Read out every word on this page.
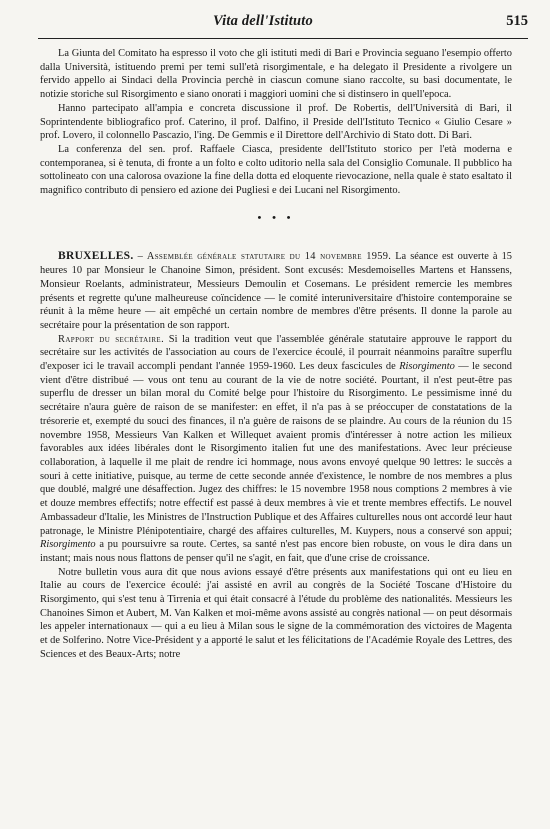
Vita dell'Istituto	515

La Giunta del Comitato ha espresso il voto che gli istituti medi di Bari e Provincia seguano l'esempio offerto dalla Università, istituendo premi per temi sull'età risorgimentale, e ha delegato il Presidente a rivolgere un fervido appello ai Sindaci della Provincia perchè in ciascun comune siano raccolte, su basi documentate, le notizie storiche sul Risorgimento e siano onorati i maggiori uomini che si distinsero in quell'epoca.

Hanno partecipato all'ampia e concreta discussione il prof. De Robertis, dell'Università di Bari, il Soprintendente bibliografico prof. Caterino, il prof. Dalfino, il Preside dell'Istituto Tecnico « Giulio Cesare » prof. Lovero, il colonnello Pascazio, l'ing. De Gemmis e il Direttore dell'Archivio di Stato dott. Di Bari.

La conferenza del sen. prof. Raffaele Ciasca, presidente dell'Istituto storico per l'età moderna e contemporanea, si è tenuta, di fronte a un folto e colto uditorio nella sala del Consiglio Comunale. Il pubblico ha sottolineato con una calorosa ovazione la fine della dotta ed eloquente rievocazione, nella quale è stato esaltato il magnifico contributo di pensiero ed azione dei Pugliesi e dei Lucani nel Risorgimento.

• • •

BRUXELLES. – Assemblée générale statutaire du 14 novembre 1959. La séance est ouverte à 15 heures 10 par Monsieur le Chanoine Simon, président. Sont excusés: Mesdemoiselles Martens et Hanssens, Monsieur Roelants, administrateur, Messieurs Demoulin et Cosemans. Le président remercie les membres présents et regrette qu'une malheureuse coïncidence — le comité interuniversitaire d'histoire contemporaine se réunit à la même heure — ait empêché un certain nombre de membres d'être présents. Il donne la parole au secrétaire pour la présentation de son rapport.

Rapport du secrétaire. Si la tradition veut que l'assemblée générale statutaire approuve le rapport du secrétaire sur les activités de l'association au cours de l'exercice écoulé, il pourrait néanmoins paraître superflu d'exposer ici le travail accompli pendant l'année 1959-1960. Les deux fascicules de Risorgimento — le second vient d'être distribué — vous ont tenu au courant de la vie de notre société. Pourtant, il n'est peut-être pas superflu de dresser un bilan moral du Comité belge pour l'histoire du Risorgimento. Le pessimisme inné du secrétaire n'aura guère de raison de se manifester: en effet, il n'a pas à se préoccuper de constatations de la trésorerie et, exempté du souci des finances, il n'a guère de raisons de se plaindre. Au cours de la réunion du 15 novembre 1958, Messieurs Van Kalken et Willequet avaient promis d'intéresser à notre action les milieux favorables aux idées libérales dont le Risorgimento italien fut une des manifestations. Avec leur précieuse collaboration, à laquelle il me plait de rendre ici hommage, nous avons envoyé quelque 90 lettres: le succès a souri à cette initiative, puisque, au terme de cette seconde année d'existence, le nombre de nos membres a plus que doublé, malgré une désaffection. Jugez des chiffres: le 15 novembre 1958 nous comptions 2 membres à vie et douze membres effectifs; notre effectif est passé à deux membres à vie et trente membres effectifs. Le nouvel Ambassadeur d'Italie, les Ministres de l'Instruction Publique et des Affaires culturelles nous ont accordé leur haut patronage, le Ministre Plénipotentiaire, chargé des affaires culturelles, M. Kuypers, nous a conservé son appui; Risorgimento a pu poursuivre sa route. Certes, sa santé n'est pas encore bien robuste, on vous le dira dans un instant; mais nous nous flattons de penser qu'il ne s'agit, en fait, que d'une crise de croissance.

Notre bulletin vous aura dit que nous avions essayé d'être présents aux manifestations qui ont eu lieu en Italie au cours de l'exercice écoulé: j'ai assisté en avril au congrès de la Société Toscane d'Histoire du Risorgimento, qui s'est tenu à Tirrenia et qui était consacré à l'étude du problème des nationalités. Messieurs les Chanoines Simon et Aubert, M. Van Kalken et moi-même avons assisté au congrès national — on peut désormais les appeler internationaux — qui a eu lieu à Milan sous le signe de la commémoration des victoires de Magenta et de Solferino. Notre Vice-Président y a apporté le salut et les félicitations de l'Académie Royale des Lettres, des Sciences et des Beaux-Arts; notre
